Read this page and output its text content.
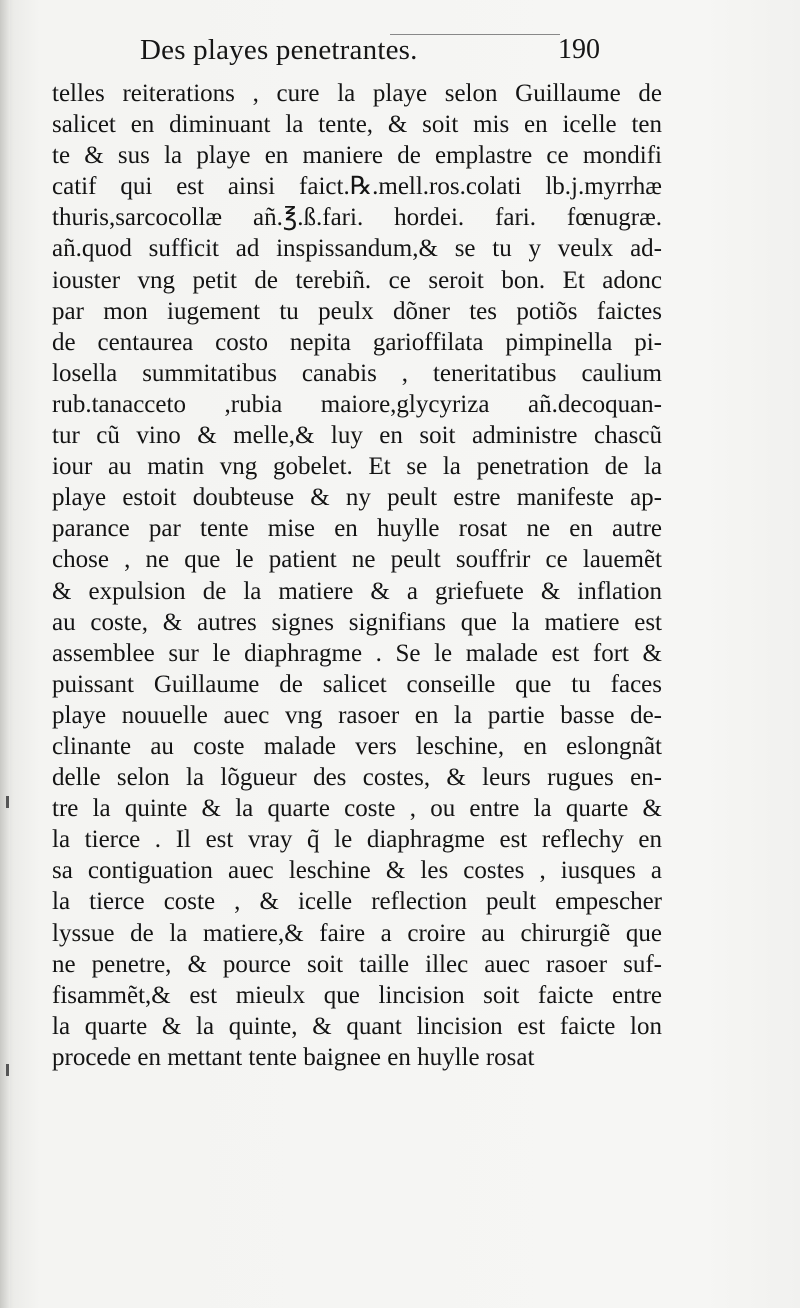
Des playes penetrantes.	190
telles reiterations , cure la playe selon Guillaume de
salicet en diminuant la tente, & soit mis en icelle ten
te & sus la playe en maniere de emplastre ce mondifi
catif qui est ainsi faict.℞.mell.ros.colati lb.j.myrrhæ
thuris,sarcocollæ añ.℥.ß.fari. hordei. fari. fœnugræ.
añ.quod sufficit ad inspissandum,& se tu y veulx ad-
iouster vng petit de terebiñ. ce seroit bon. Et adonc
par mon iugement tu peulx dõner tes potiõs faictes
de centaurea costo nepita garioffilata pimpinella pi-
losella summitatibus canabis , teneritatibus caulium
rub.tanacceto ,rubia maiore,glycyriza añ.decoquan-
tur cũ vino & melle,& luy en soit administre chascũ
iour au matin vng gobelet. Et se la penetration de la
playe estoit doubteuse & ny peult estre manifeste ap-
parance par tente mise en huylle rosat ne en autre
chose , ne que le patient ne peult souffrir ce lauemẽt
& expulsion de la matiere & a griefuete & inflation
au coste, & autres signes signifians que la matiere est
assemblee sur le diaphragme . Se le malade est fort &
puissant Guillaume de salicet conseille que tu faces
playe nouuelle auec vng rasoer en la partie basse de-
clinante au coste malade vers leschine, en eslongnãt
delle selon la lõgueur des costes, & leurs rugues en-
tre la quinte & la quarte coste , ou entre la quarte &
la tierce . Il est vray q̃ le diaphragme est reflechy en
sa contiguation auec leschine & les costes , iusques a
la tierce coste , & icelle reflection peult empescher
lyssue de la matiere,& faire a croire au chirurgiẽ que
ne penetre, & pource soit taille illec auec rasoer suf-
fisammẽt,& est mieulx que lincision soit faicte entre
la quarte & la quinte, & quant lincision est faicte lon
procede en mettant tente baignee en huylle rosat
